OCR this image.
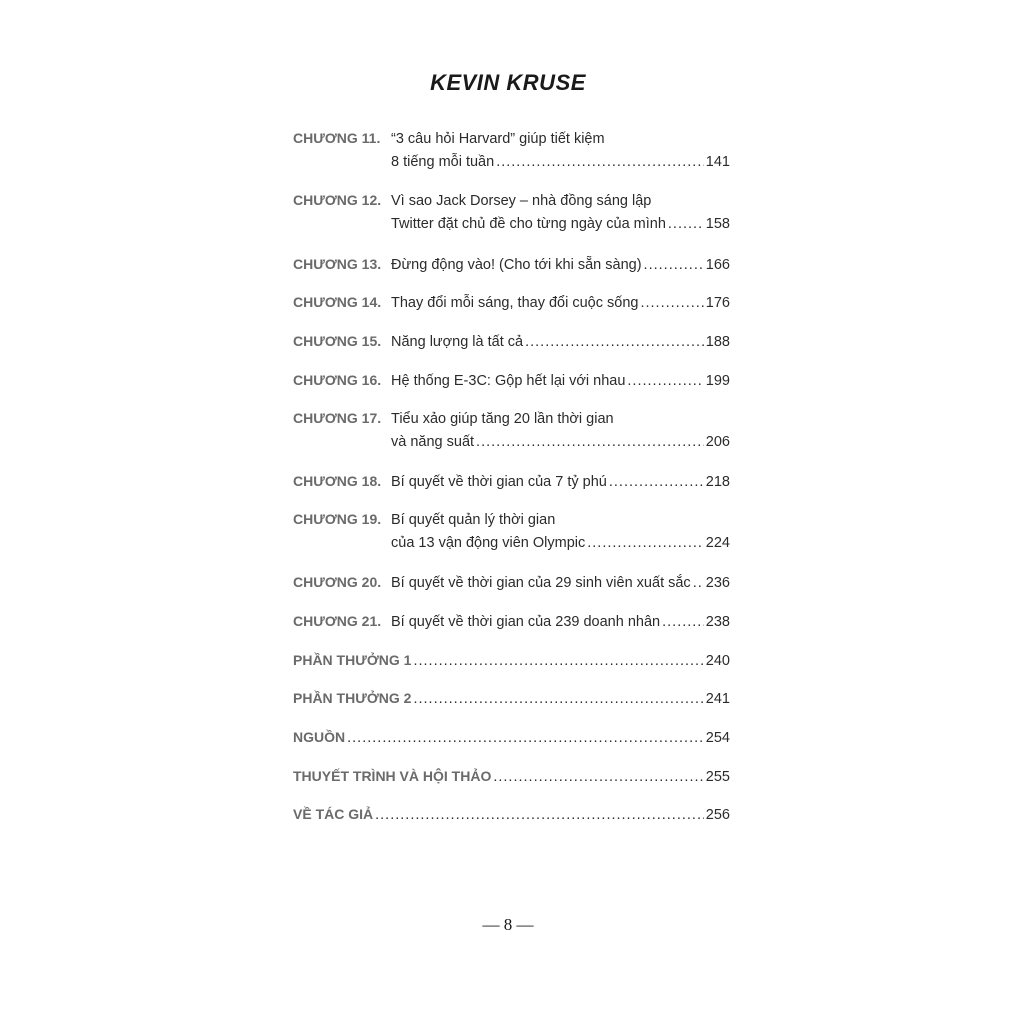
KEVIN KRUSE
CHƯƠNG 11. “3 câu hỏi Harvard” giúp tiết kiệm
8 tiếng mỗi tuần .....	141
CHƯƠNG 12. Vì sao Jack Dorsey – nhà đồng sáng lập
Twitter đặt chủ đề cho từng ngày của mình .....	158
CHƯƠNG 13. Đừng động vào! (Cho tới khi sẵn sàng) .....	166
CHƯƠNG 14. Thay đổi mỗi sáng, thay đổi cuộc sống .....	176
CHƯƠNG 15. Năng lượng là tất cả .....	188
CHƯƠNG 16. Hệ thống E-3C: Gộp hết lại với nhau .....	199
CHƯƠNG 17. Tiểu xảo giúp tăng 20 lần thời gian
và năng suất .....	206
CHƯƠNG 18. Bí quyết về thời gian của 7 tỷ phú .....	218
CHƯƠNG 19. Bí quyết quản lý thời gian
của 13 vận động viên Olympic .....	224
CHƯƠNG 20. Bí quyết về thời gian của 29 sinh viên xuất sắc ..... 236
CHƯƠNG 21. Bí quyết về thời gian của 239 doanh nhân .....	238
PHẦN THƯỞNG 1 .....	240
PHẦN THƯỞNG 2 .....	241
NGUỒN .....	254
THUYẾT TRÌNH VÀ HỘI THẢO .....	255
VỀ TÁC GIẢ .....	256
— 8 —
